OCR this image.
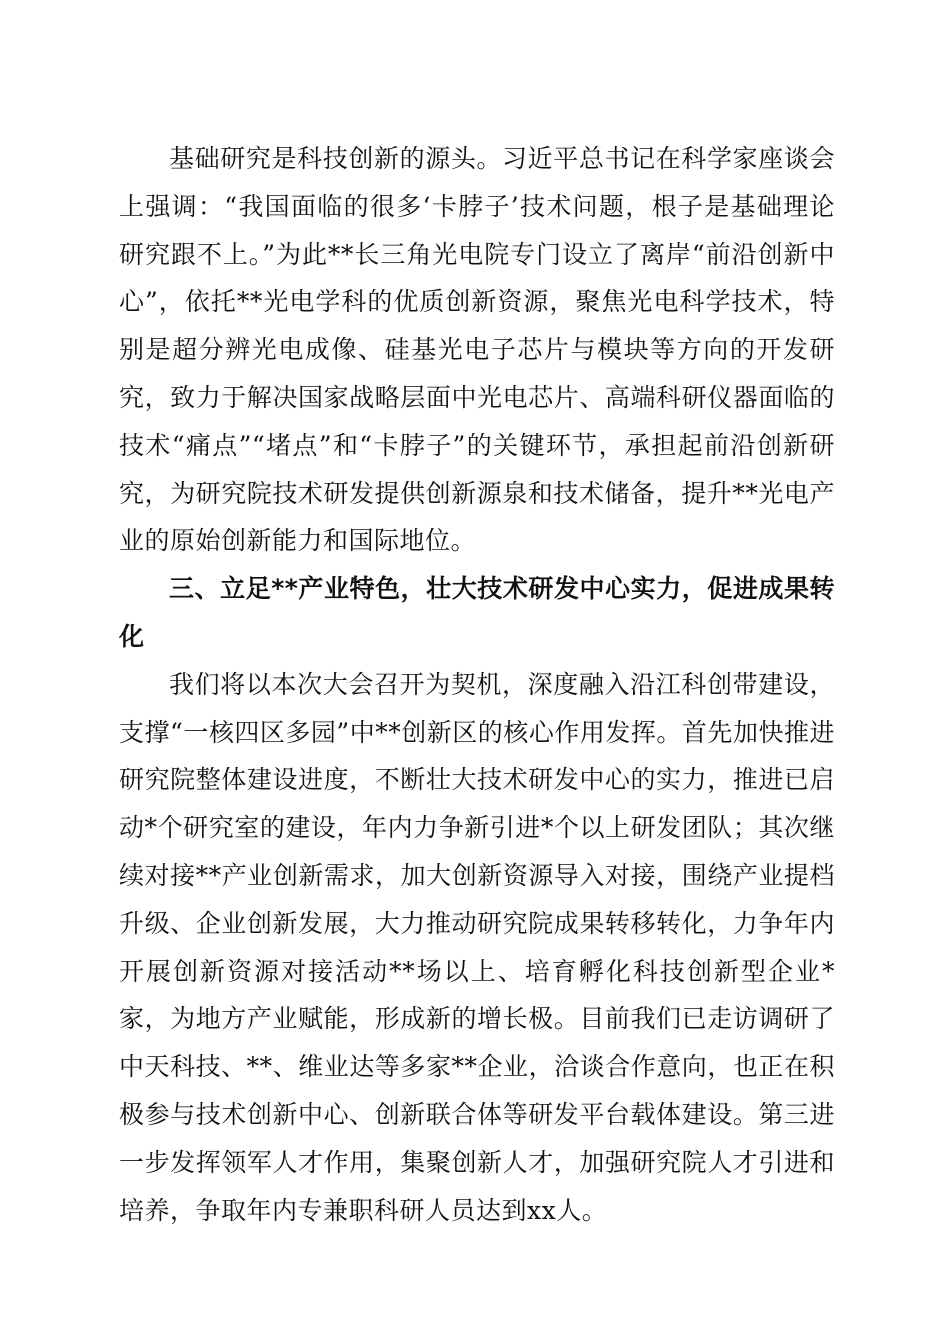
基础研究是科技创新的源头。习近平总书记在科学家座谈会上强调：“我国面临的很多‘卡脖子’技术问题，根子是基础理论研究跟不上。”为此**长三角光电院专门设立了离岸“前沿创新中心”，依托**光电学科的优质创新资源，聚焦光电科学技术，特别是超分辨光电成像、硅基光电子芯片与模块等方向的开发研究，致力于解决国家战略层面中光电芯片、高端科研仪器面临的技术“痛点”“堵点”和“卡脖子”的关键环节，承担起前沿创新研究，为研究院技术研发提供创新源泉和技术储备，提升**光电产业的原始创新能力和国际地位。

三、立足**产业特色，壮大技术研发中心实力，促进成果转化

我们将以本次大会召开为契机，深度融入沿江科创带建设，支撑“一核四区多园”中**创新区的核心作用发挥。首先加快推进研究院整体建设进度，不断壮大技术研发中心的实力，推进已启动*个研究室的建设，年内力争新引进*个以上研发团队；其次继续对接**产业创新需求，加大创新资源导入对接，围绕产业提档升级、企业创新发展，大力推动研究院成果转移转化，力争年内开展创新资源对接活动**场以上、培育孵化科技创新型企业*家，为地方产业赋能，形成新的增长极。目前我们已走访调研了中天科技、**、维业达等多家**企业，洽谈合作意向，也正在积极参与技术创新中心、创新联合体等研发平台载体建设。第三进一步发挥领军人才作用，集聚创新人才，加强研究院人才引进和培养，争取年内专兼职科研人员达到xx人。
